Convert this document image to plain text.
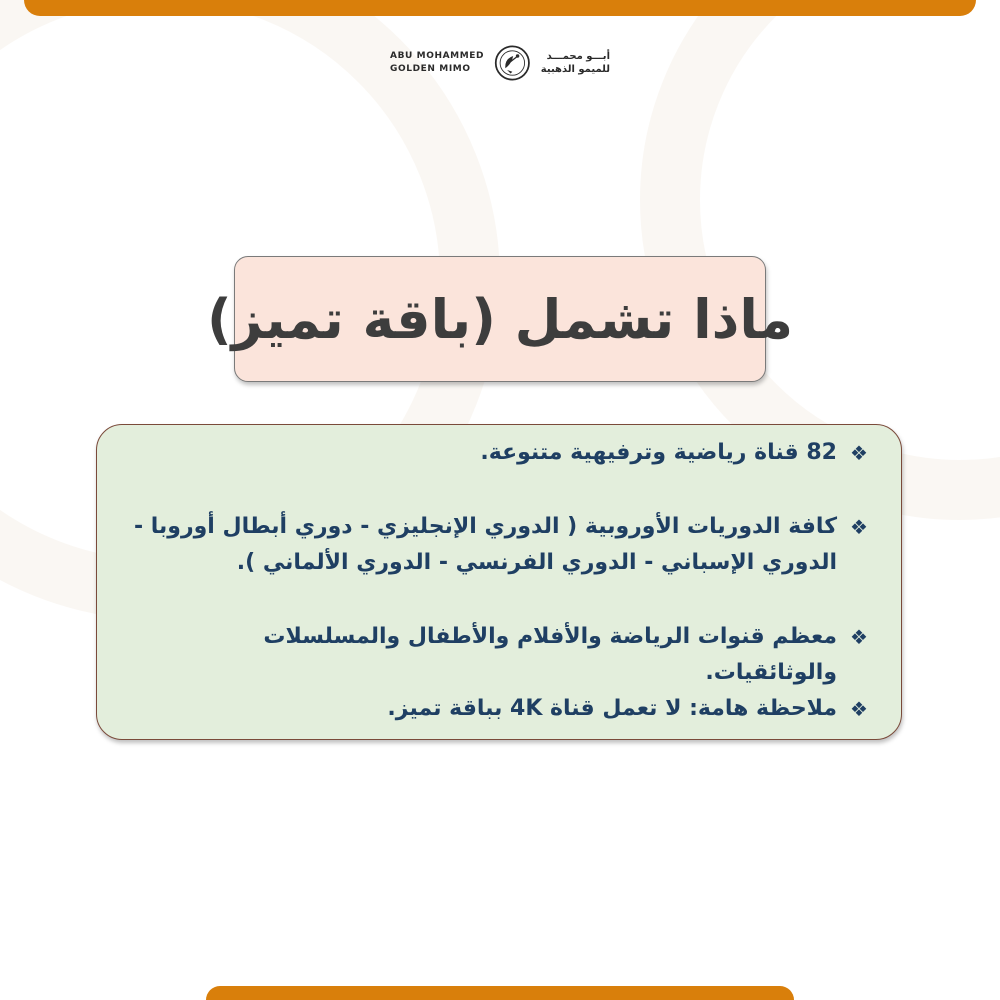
ABU MOHAMMED
GOLDEN MIMO
أبـــو محمـــد
للميمو الذهبية
ماذا تشمل (باقة تميز)
❖
82 قناة رياضية وترفيهية متنوعة.
❖
كافة الدوريات الأوروبية ( الدوري الإنجليزي - دوري أبطال أوروبا - الدوري الإسباني - الدوري الفرنسي - الدوري الألماني ).
❖
معظم قنوات الرياضة والأفلام والأطفال والمسلسلات والوثائقيات.
❖
ملاحظة هامة: لا تعمل قناة 4K بباقة تميز.
